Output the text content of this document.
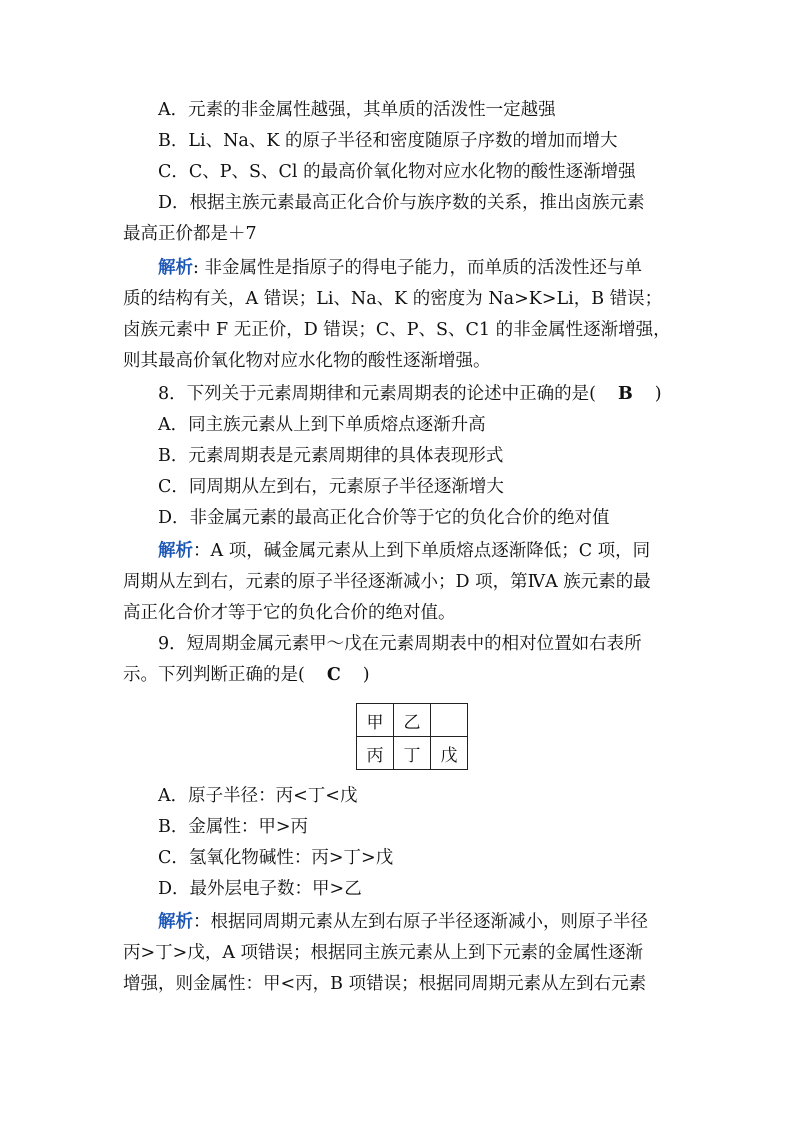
A．元素的非金属性越强，其单质的活泼性一定越强
B．Li、Na、K 的原子半径和密度随原子序数的增加而增大
C．C、P、S、Cl 的最高价氧化物对应水化物的酸性逐渐增强
D．根据主族元素最高正化合价与族序数的关系，推出卤族元素
最高正价都是＋7
解析: 非金属性是指原子的得电子能力，而单质的活泼性还与单
质的结构有关，A 错误；Li、Na、K 的密度为 Na>K>Li，B 错误；
卤族元素中 F 无正价，D 错误；C、P、S、C1 的非金属性逐渐增强，
则其最高价氧化物对应水化物的酸性逐渐增强。
8．下列关于元素周期律和元素周期表的论述中正确的是( B )
A．同主族元素从上到下单质熔点逐渐升高
B．元素周期表是元素周期律的具体表现形式
C．同周期从左到右，元素原子半径逐渐增大
D．非金属元素的最高正化合价等于它的负化合价的绝对值
解析：A 项，碱金属元素从上到下单质熔点逐渐降低；C 项，同
周期从左到右，元素的原子半径逐渐减小；D 项，第ⅣA 族元素的最
高正化合价才等于它的负化合价的绝对值。
9．短周期金属元素甲～戊在元素周期表中的相对位置如右表所
示。下列判断正确的是( C )
甲	乙	
丙	丁	戊
A．原子半径：丙<丁<戊
B．金属性：甲>丙
C．氢氧化物碱性：丙>丁>戊
D．最外层电子数：甲>乙
解析：根据同周期元素从左到右原子半径逐渐减小，则原子半径
丙>丁>戊，A 项错误；根据同主族元素从上到下元素的金属性逐渐
增强，则金属性：甲<丙，B 项错误；根据同周期元素从左到右元素
